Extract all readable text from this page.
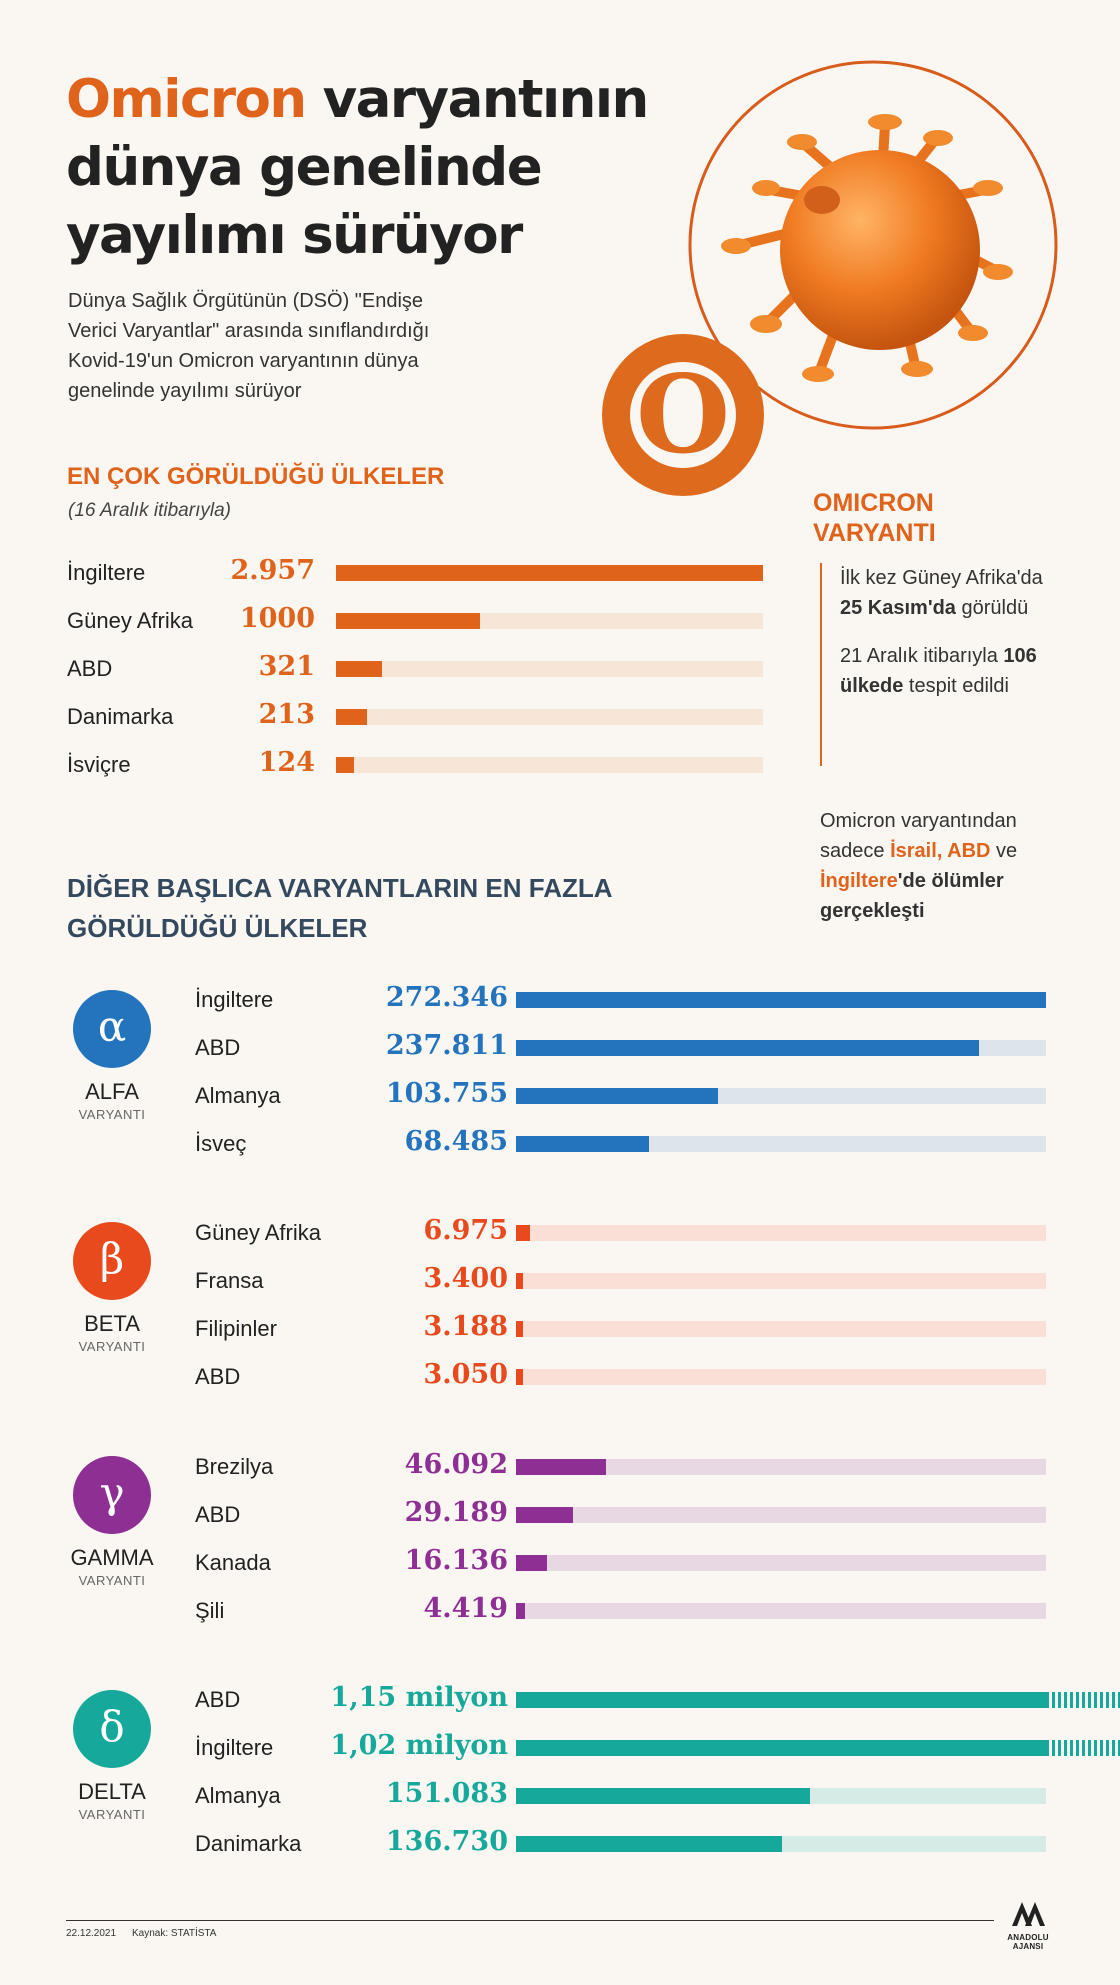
Omicron varyantının
dünya genelinde
yayılımı sürüyor
Dünya Sağlık Örgütünün (DSÖ) "Endişe
Verici Varyantlar" arasında sınıflandırdığı
Kovid-19'un Omicron varyantının dünya
genelinde yayılımı sürüyor	O
EN ÇOK GÖRÜLDÜĞÜ ÜLKELER
(16 Aralık itibarıyla)
İngiltere	2.957
Güney Afrika	1000
ABD	321
Danimarka	213
İsviçre	124
OMICRON
VARYANTI

İlk kez Güney Afrika'da 25 Kasım'da görüldü

21 Aralık itibarıyla 106 ülkede tespit edildi

Omicron varyantından sadece İsrail, ABD ve İngiltere'de ölümler gerçekleşti
DİĞER BAŞLICA VARYANTLARIN EN FAZLA GÖRÜLDÜĞÜ ÜLKELER
İngiltere	272.346
ABD	237.811
Almanya	103.755
İsveç	68.485
α
ALFA
VARYANTI
Güney Afrika	6.975
Fransa	3.400
Filipinler	3.188
ABD	3.050
β
BETA
VARYANTI
Brezilya	46.092
ABD	29.189
Kanada	16.136
Şili	4.419
γ
GAMMA
VARYANTI
ABD	1,15 milyon
İngiltere	1,02 milyon
Almanya	151.083
Danimarka	136.730
δ
DELTA
VARYANTI
22.12.2021 Kaynak: STATİSTA	ANADOLU AJANSI
